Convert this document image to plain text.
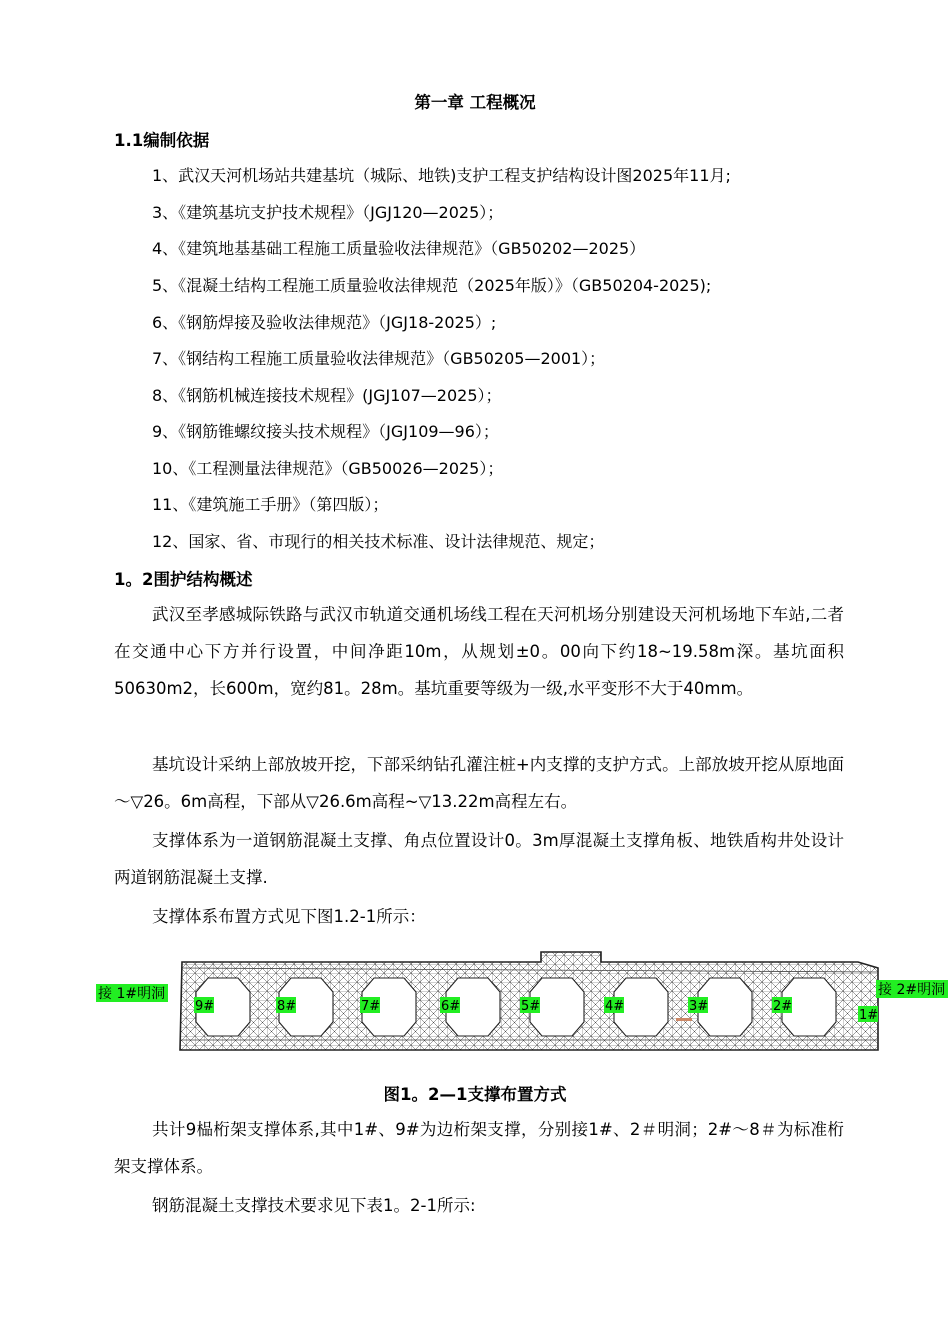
第一章 工程概况
1.1编制依据
1、武汉天河机场站共建基坑（城际、地铁)支护工程支护结构设计图2025年11月;
3、《建筑基坑支护技术规程》（JGJ120—2025）；
4、《建筑地基基础工程施工质量验收法律规范》（GB50202—2025）
5、《混凝土结构工程施工质量验收法律规范（2025年版）》（GB50204-2025);
6、《钢筋焊接及验收法律规范》（JGJ18-2025）;
7、《钢结构工程施工质量验收法律规范》（GB50205—2001）；
8、《钢筋机械连接技术规程》(JGJ107—2025）；
9、《钢筋锥螺纹接头技术规程》（JGJ109—96）；
10、《工程测量法律规范》（GB50026—2025）；
11、《建筑施工手册》（第四版）；
12、国家、省、市现行的相关技术标准、设计法律规范、规定；
1。2围护结构概述
武汉至孝感城际铁路与武汉市轨道交通机场线工程在天河机场分别建设天河机场地下车站,二者在交通中心下方并行设置，中间净距10m，从规划±0。00向下约18~19.58m深。基坑面积50630m2，长600m，宽约81。28m。基坑重要等级为一级,水平变形不大于40mm。
基坑设计采纳上部放坡开挖，下部采纳钻孔灌注桩+内支撑的支护方式。上部放坡开挖从原地面～▽26。6m高程，下部从▽26.6m高程~▽13.22m高程左右。
支撑体系为一道钢筋混凝土支撑、角点位置设计0。3m厚混凝土支撑角板、地铁盾构井处设计两道钢筋混凝土支撑.
支撑体系布置方式见下图1.2-1所示：
接 1#明洞	接 2#明洞
9#	8#	7#	6#	5#	4#	3#	2#
1#
图1。2—1支撑布置方式
共计9榀桁架支撑体系,其中1#、9#为边桁架支撑，分别接1#、2＃明洞；2#～8＃为标准桁架支撑体系。
钢筋混凝土支撑技术要求见下表1。2-1所示:
